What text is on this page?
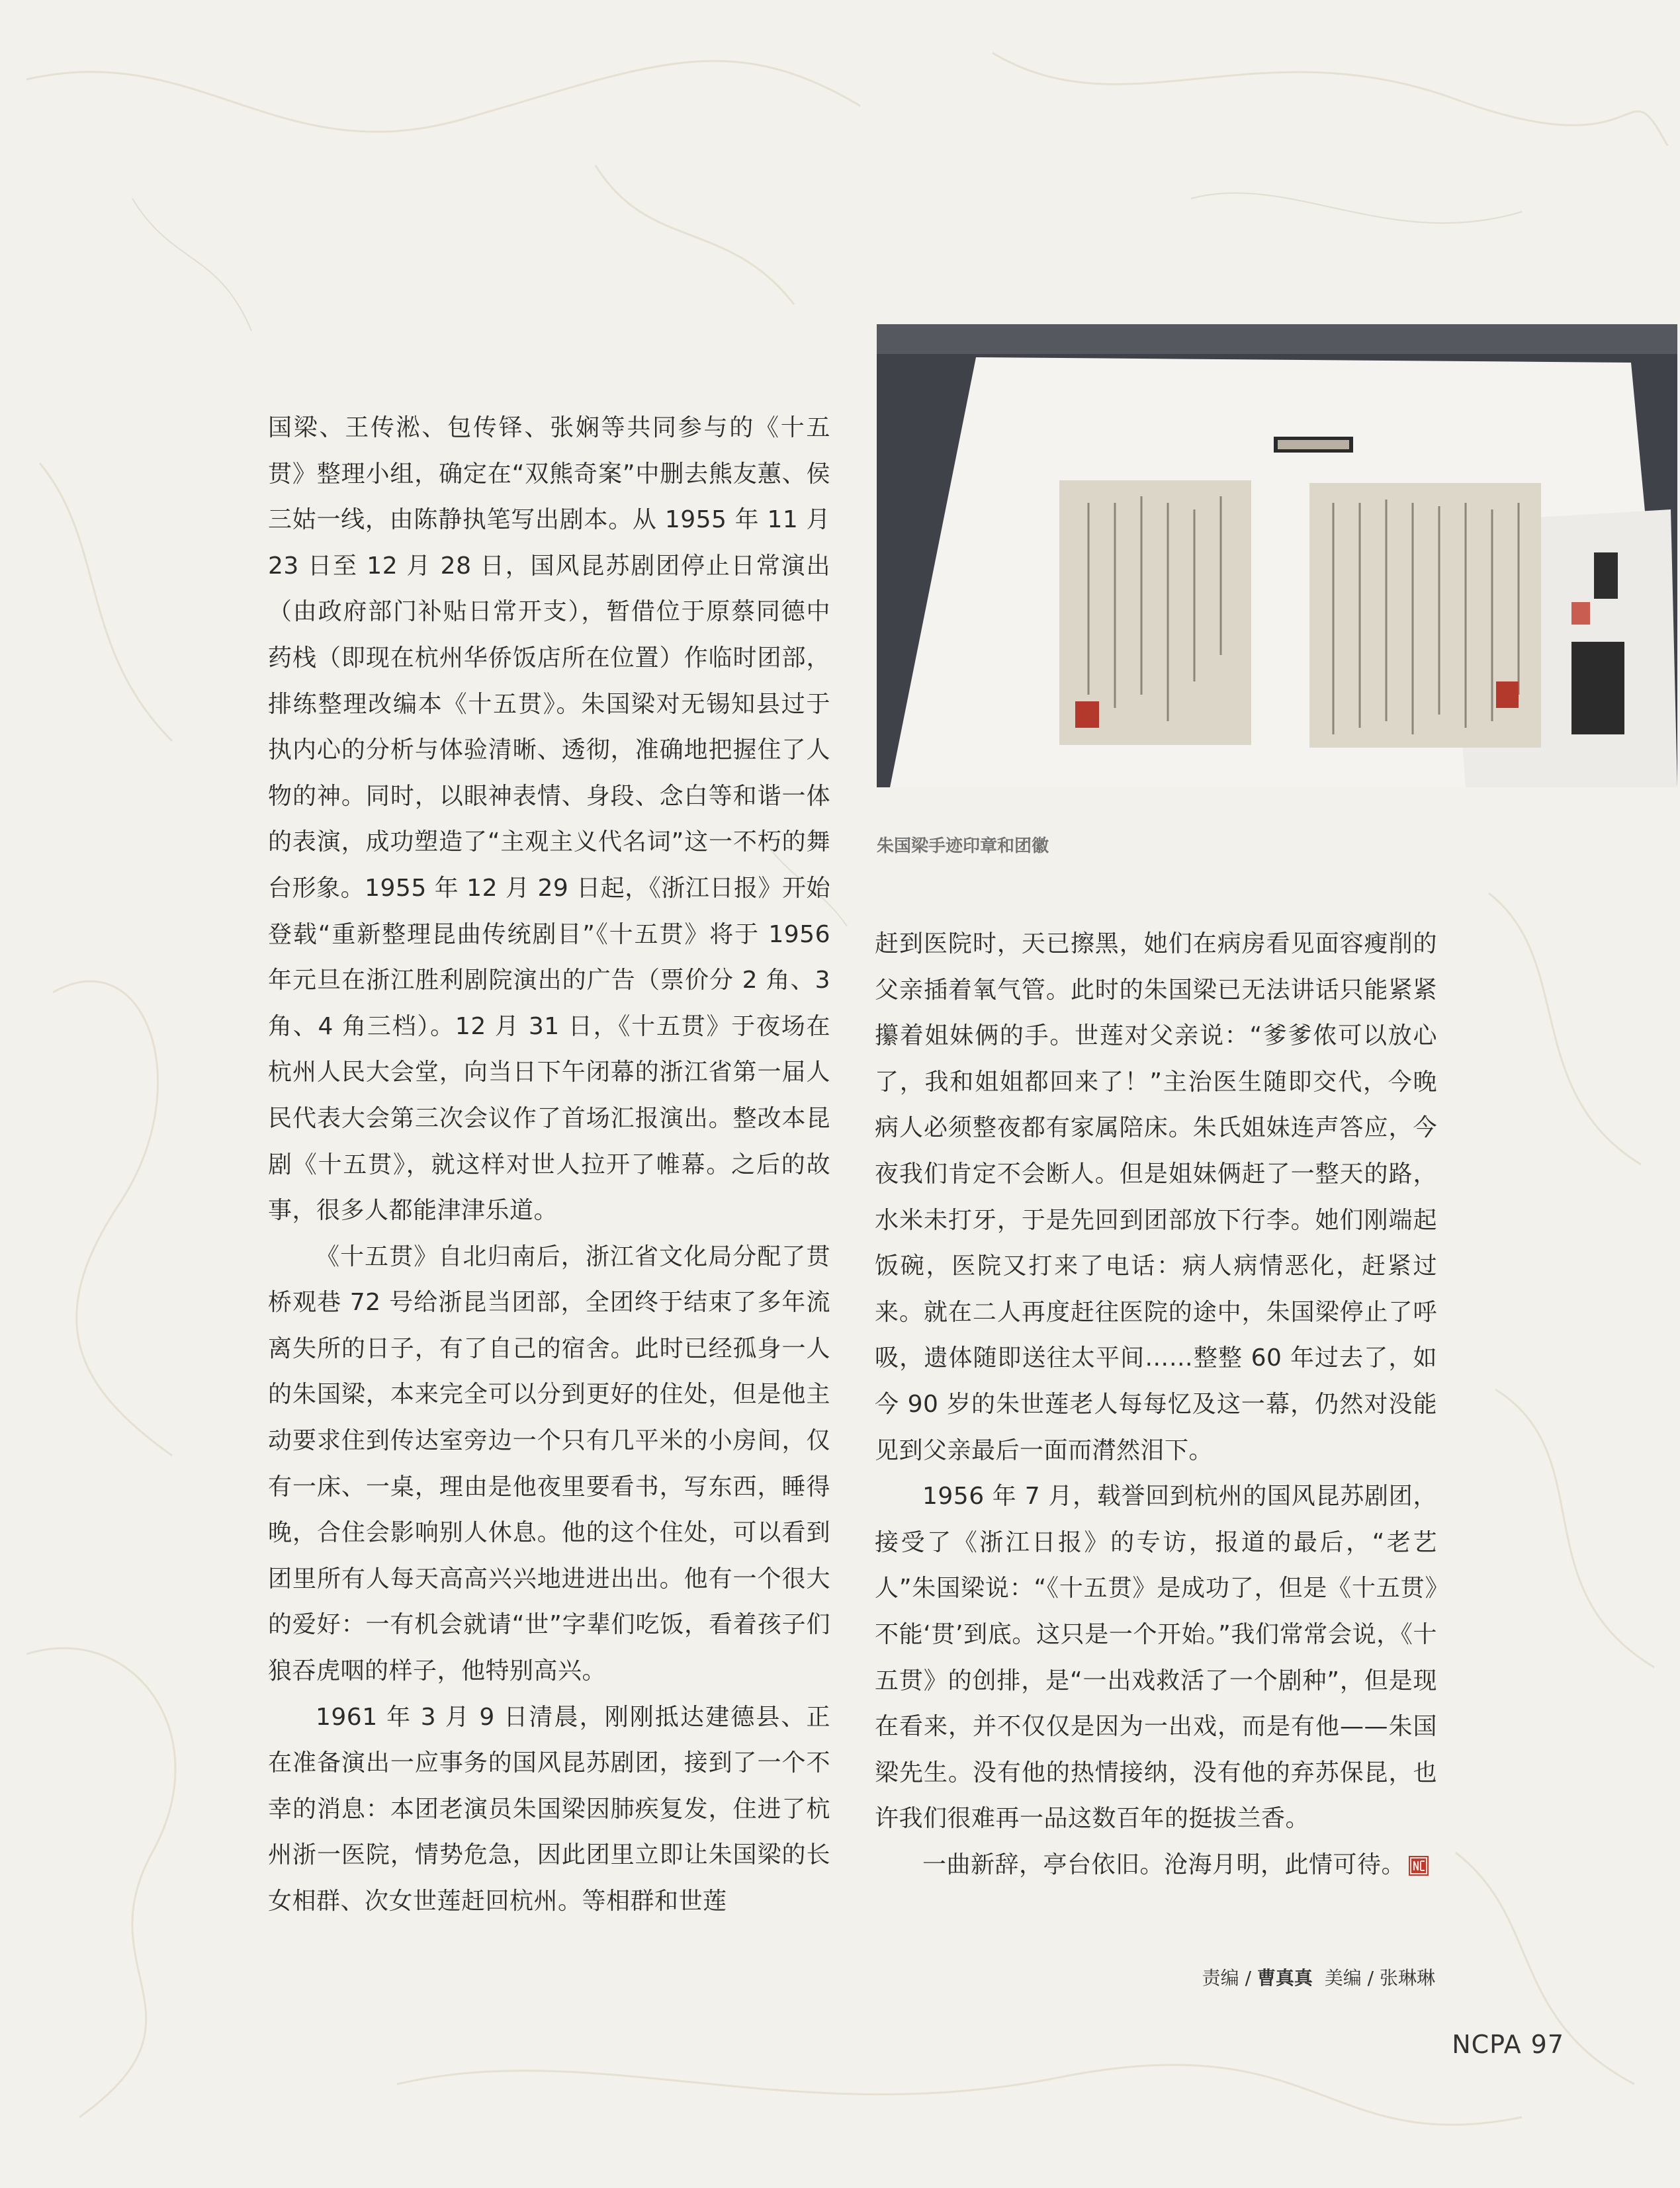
朱国梁手迹印章和团徽

国梁、王传淞、包传铎、张娴等共同参与的《十五贯》整理小组，确定在“双熊奇案”中删去熊友蕙、侯三姑一线，由陈静执笔写出剧本。从 1955 年 11 月 23 日至 12 月 28 日，国风昆苏剧团停止日常演出（由政府部门补贴日常开支），暂借位于原蔡同德中药栈（即现在杭州华侨饭店所在位置）作临时团部，排练整理改编本《十五贯》。朱国梁对无锡知县过于执内心的分析与体验清晰、透彻，准确地把握住了人物的神。同时，以眼神表情、身段、念白等和谐一体的表演，成功塑造了“主观主义代名词”这一不朽的舞台形象。1955 年 12 月 29 日起，《浙江日报》开始登载“重新整理昆曲传统剧目”《十五贯》将于 1956 年元旦在浙江胜利剧院演出的广告（票价分 2 角、3 角、4 角三档）。12 月 31 日，《十五贯》于夜场在杭州人民大会堂，向当日下午闭幕的浙江省第一届人民代表大会第三次会议作了首场汇报演出。整改本昆剧《十五贯》，就这样对世人拉开了帷幕。之后的故事，很多人都能津津乐道。

《十五贯》自北归南后，浙江省文化局分配了贯桥观巷 72 号给浙昆当团部，全团终于结束了多年流离失所的日子，有了自己的宿舍。此时已经孤身一人的朱国梁，本来完全可以分到更好的住处，但是他主动要求住到传达室旁边一个只有几平米的小房间，仅有一床、一桌，理由是他夜里要看书，写东西，睡得晚，合住会影响别人休息。他的这个住处，可以看到团里所有人每天高高兴兴地进进出出。他有一个很大的爱好：一有机会就请“世”字辈们吃饭，看着孩子们狼吞虎咽的样子，他特别高兴。

1961 年 3 月 9 日清晨，刚刚抵达建德县、正在准备演出一应事务的国风昆苏剧团，接到了一个不幸的消息：本团老演员朱国梁因肺疾复发，住进了杭州浙一医院，情势危急，因此团里立即让朱国梁的长女相群、次女世莲赶回杭州。等相群和世莲

赶到医院时，天已擦黑，她们在病房看见面容瘦削的父亲插着氧气管。此时的朱国梁已无法讲话只能紧紧攥着姐妹俩的手。世莲对父亲说：“爹爹侬可以放心了，我和姐姐都回来了！”主治医生随即交代，今晚病人必须整夜都有家属陪床。朱氏姐妹连声答应，今夜我们肯定不会断人。但是姐妹俩赶了一整天的路，水米未打牙，于是先回到团部放下行李。她们刚端起饭碗，医院又打来了电话：病人病情恶化，赶紧过来。就在二人再度赶往医院的途中，朱国梁停止了呼吸，遗体随即送往太平间……整整 60 年过去了，如今 90 岁的朱世莲老人每每忆及这一幕，仍然对没能见到父亲最后一面而潸然泪下。

1956 年 7 月，载誉回到杭州的国风昆苏剧团，接受了《浙江日报》的专访，报道的最后，“老艺人”朱国梁说：“《十五贯》是成功了，但是《十五贯》不能‘贯’到底。这只是一个开始。”我们常常会说，《十五贯》的创排，是“一出戏救活了一个剧种”，但是现在看来，并不仅仅是因为一出戏，而是有他——朱国梁先生。没有他的热情接纳，没有他的弃苏保昆，也许我们很难再一品这数百年的挺拔兰香。

一曲新辞，亭台依旧。沧海月明，此情可待。

责编 / 曹真真  美编 / 张琳琳
NCPA 97
